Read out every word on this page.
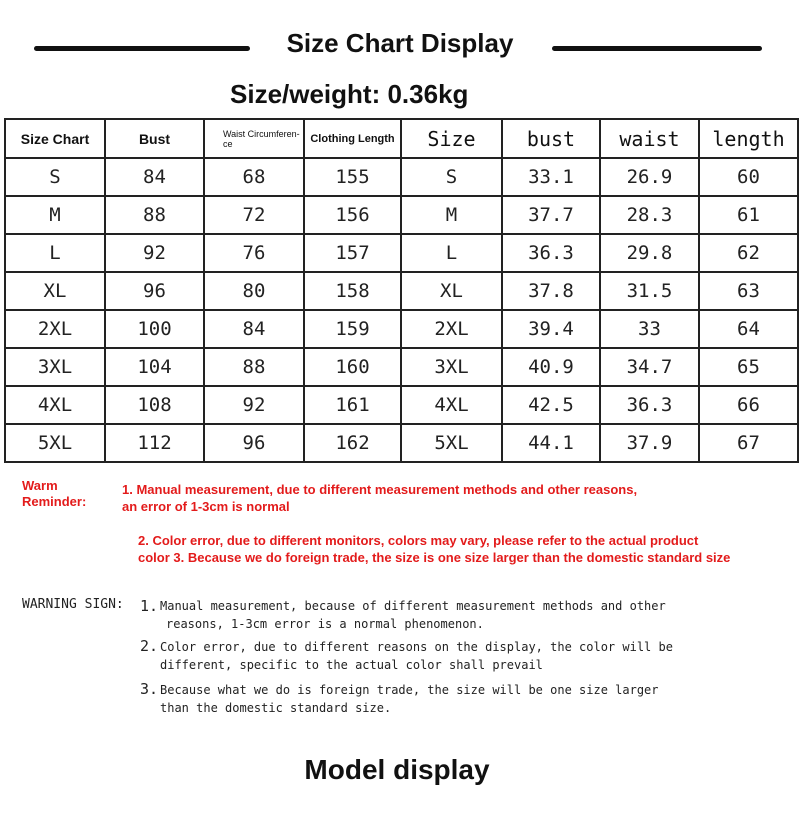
Size Chart Display
Size/weight: 0.36kg
Size Chart	Bust	Waist Circumferen-ce	Clothing Length	Size	bust	waist	length
S	84	68	155	S	33.1	26.9	60
M	88	72	156	M	37.7	28.3	61
L	92	76	157	L	36.3	29.8	62
XL	96	80	158	XL	37.8	31.5	63
2XL	100	84	159	2XL	39.4	33	64
3XL	104	88	160	3XL	40.9	34.7	65
4XL	108	92	161	4XL	42.5	36.3	66
5XL	112	96	162	5XL	44.1	37.9	67
Warm
Reminder:
1. Manual measurement, due to different measurement methods and other reasons,
an error of 1-3cm is normal
2. Color error, due to different monitors, colors may vary, please refer to the actual product
color 3. Because we do foreign trade, the size is one size larger than the domestic standard size
WARNING SIGN: 1. Manual measurement, because of different measurement methods and other
reasons, 1-3cm error is a normal phenomenon.
2. Color error, due to different reasons on the display, the color will be
different, specific to the actual color shall prevail
3. Because what we do is foreign trade, the size will be one size larger
than the domestic standard size.
Model display
